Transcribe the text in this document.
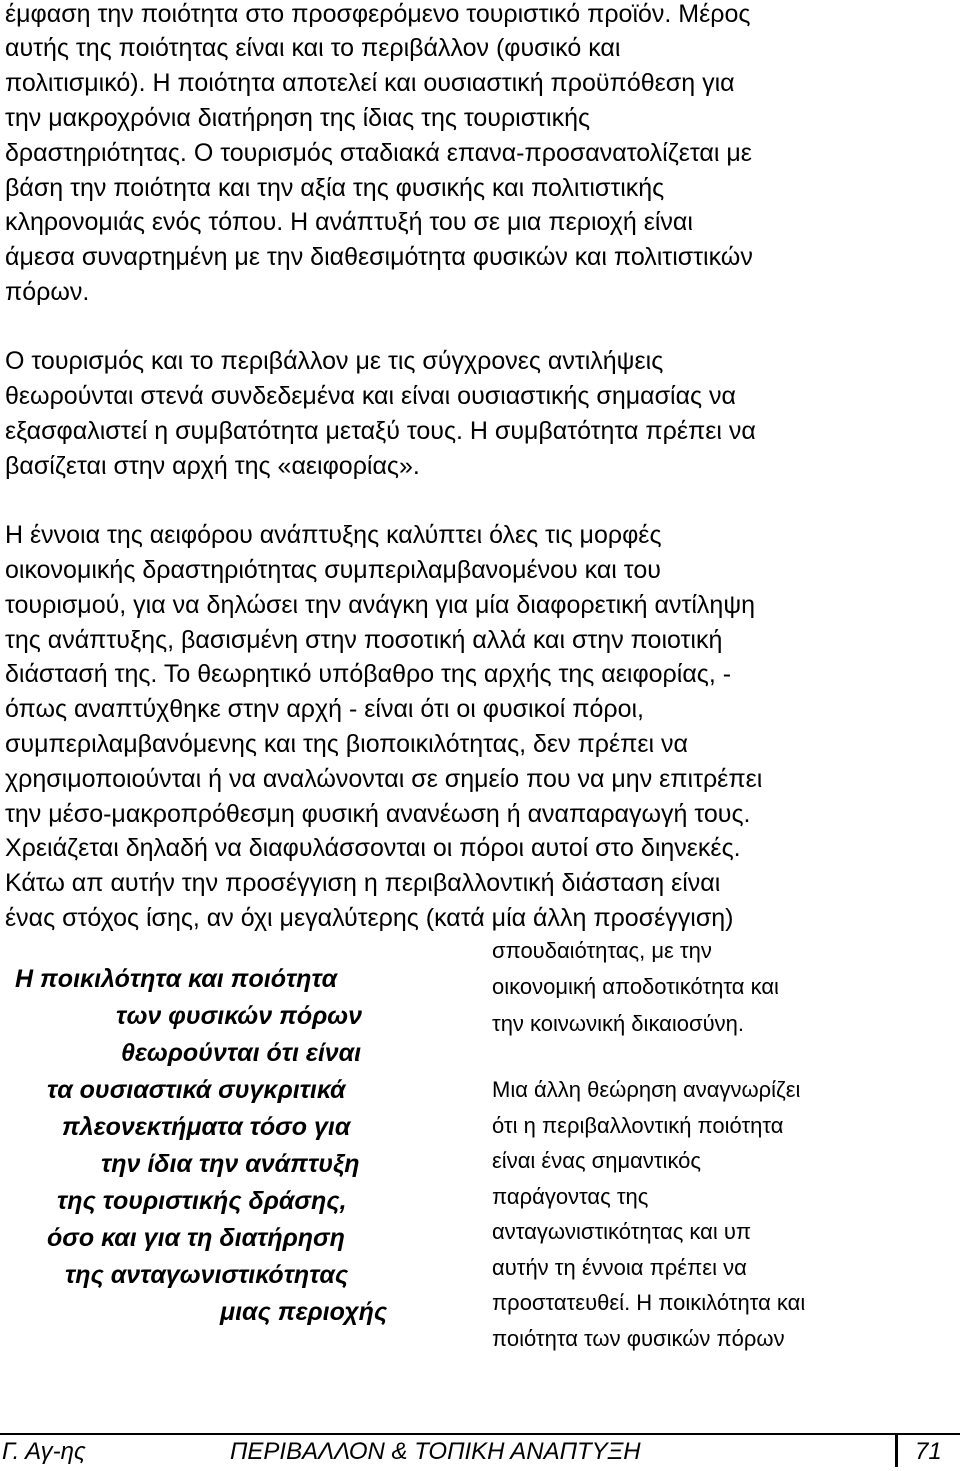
έμφαση την ποιότητα στο προσφερόμενο τουριστικό προϊόν. Μέρος
αυτής της ποιότητας είναι και το περιβάλλον (φυσικό και
πολιτισμικό). Η ποιότητα αποτελεί και ουσιαστική προϋπόθεση για
την μακροχρόνια διατήρηση της ίδιας της τουριστικής
δραστηριότητας. Ο τουρισμός σταδιακά επανα-προσανατολίζεται με
βάση την ποιότητα και την αξία της φυσικής και πολιτιστικής
κληρονομιάς ενός τόπου. Η ανάπτυξή του σε μια περιοχή είναι
άμεσα συναρτημένη με την διαθεσιμότητα φυσικών και πολιτιστικών
πόρων.
Ο τουρισμός και το περιβάλλον με τις σύγχρονες αντιλήψεις
θεωρούνται στενά συνδεδεμένα και είναι ουσιαστικής σημασίας να
εξασφαλιστεί η συμβατότητα μεταξύ τους. Η συμβατότητα πρέπει να
βασίζεται στην αρχή της «αειφορίας».
Η έννοια της αειφόρου ανάπτυξης καλύπτει όλες τις μορφές
οικονομικής δραστηριότητας συμπεριλαμβανομένου και του
τουρισμού, για να δηλώσει την ανάγκη για μία διαφορετική αντίληψη
της ανάπτυξης, βασισμένη στην ποσοτική αλλά και στην ποιοτική
διάστασή της. Το θεωρητικό υπόβαθρο της αρχής της αειφορίας, -
όπως αναπτύχθηκε στην αρχή - είναι ότι οι φυσικοί πόροι,
συμπεριλαμβανόμενης και της βιοποικιλότητας, δεν πρέπει να
χρησιμοποιούνται ή να αναλώνονται σε σημείο που να μην επιτρέπει
την μέσο-μακροπρόθεσμη φυσική ανανέωση ή αναπαραγωγή τους.
Χρειάζεται δηλαδή να διαφυλάσσονται οι πόροι αυτοί στο διηνεκές.
Κάτω απ αυτήν την προσέγγιση η περιβαλλοντική διάσταση είναι
ένας στόχος ίσης, αν όχι μεγαλύτερης (κατά μία άλλη προσέγγιση)
Η ποικιλότητα και ποιότητα
των φυσικών πόρων
θεωρούνται ότι είναι
τα ουσιαστικά συγκριτικά
πλεονεκτήματα τόσο για
την ίδια την ανάπτυξη
της τουριστικής δράσης,
όσο και για τη διατήρηση
της ανταγωνιστικότητας
μιας περιοχής
σπουδαιότητας, με την
οικονομική αποδοτικότητα και
την κοινωνική δικαιοσύνη.
Μια άλλη θεώρηση αναγνωρίζει
ότι η περιβαλλοντική ποιότητα
είναι ένας σημαντικός
παράγοντας της
ανταγωνιστικότητας και υπ
αυτήν τη έννοια πρέπει να
προστατευθεί. Η ποικιλότητα και
ποιότητα των φυσικών πόρων
Γ. Αγ-ης	ΠΕΡΙΒΑΛΛΟΝ & ΤΟΠΙΚΗ ΑΝΑΠΤΥΞΗ	71
